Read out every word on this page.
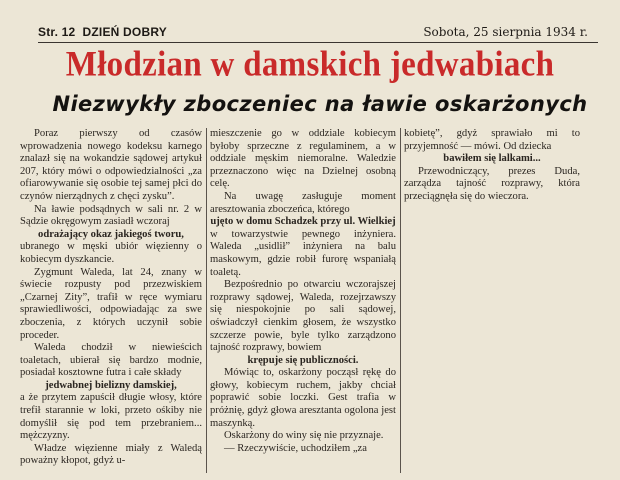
Str. 12 DZIEŃ DOBRY	Sobota, 25 sierpnia 1934 r.
Młodzian w damskich jedwabiach
Niezwykły zboczeniec na ławie oskarżonych

Poraz pierwszy od czasów wprowadzenia nowego kodeksu karnego znalazł się na wokandzie sądowej artykuł 207, który mówi o odpowiedzialności „za ofiarowywanie się osobie tej samej płci do czynów nierządnych z chęci zysku”.

Na ławie podsądnych w sali nr. 2 w Sądzie okręgowym zasiadł wczoraj

odrażający okaz jakiegoś tworu,

ubranego w męski ubiór więzienny o kobiecym dyszkancie.

Zygmunt Waleda, lat 24, znany w świecie rozpusty pod przezwiskiem „Czarnej Zity”, trafił w ręce wymiaru sprawiedliwości, odpowiadając za swe zboczenia, z których uczynił sobie proceder.

Waleda chodził w niewieścich toaletach, ubierał się bardzo modnie, posiadał kosztowne futra i całe składy

jedwabnej bielizny damskiej,

a że przytem zapuścił długie włosy, które trefił starannie w loki, przeto ośkiby nie domyślił się pod tem przebraniem... mężczyzny.

Władze więzienne miały z Waledą poważny kłopot, gdyż u-

mieszczenie go w oddziale kobiecym byłoby sprzeczne z regulaminem, a w oddziale męskim niemoralne. Waledzie przeznaczono więc na Dzielnej osobną celę.

Na uwagę zasługuje moment aresztowania zboczeńca, którego

ujęto w domu Schadzek przy ul. Wielkiej

w towarzystwie pewnego inżyniera. Waleda „usidlił” inżyniera na balu maskowym, gdzie robił furorę wspaniałą toaletą.

Bezpośrednio po otwarciu wczorajszej rozprawy sądowej, Waleda, rozejrzawszy się niespokojnie po sali sądowej, oświadczył cienkim głosem, że wszystko szczerze powie, byle tylko zarządzono tajność rozprawy, bowiem

krępuje się publiczności.

Mówiąc to, oskarżony począsł rękę do głowy, kobiecym ruchem, jakby chciał poprawić sobie loczki. Gest trafia w próżnię, gdyż głowa aresztanta ogolona jest maszynką.

Oskarżony do winy się nie przyznaje.

— Rzeczywiście, uchodziłem „za

kobietę”, gdyż sprawiało mi to przyjemność — mówi. Od dziecka

bawiłem się lalkami...

Przewodniczący, prezes Duda, zarządza tajność rozprawy, która przeciągnęła się do wieczora.
